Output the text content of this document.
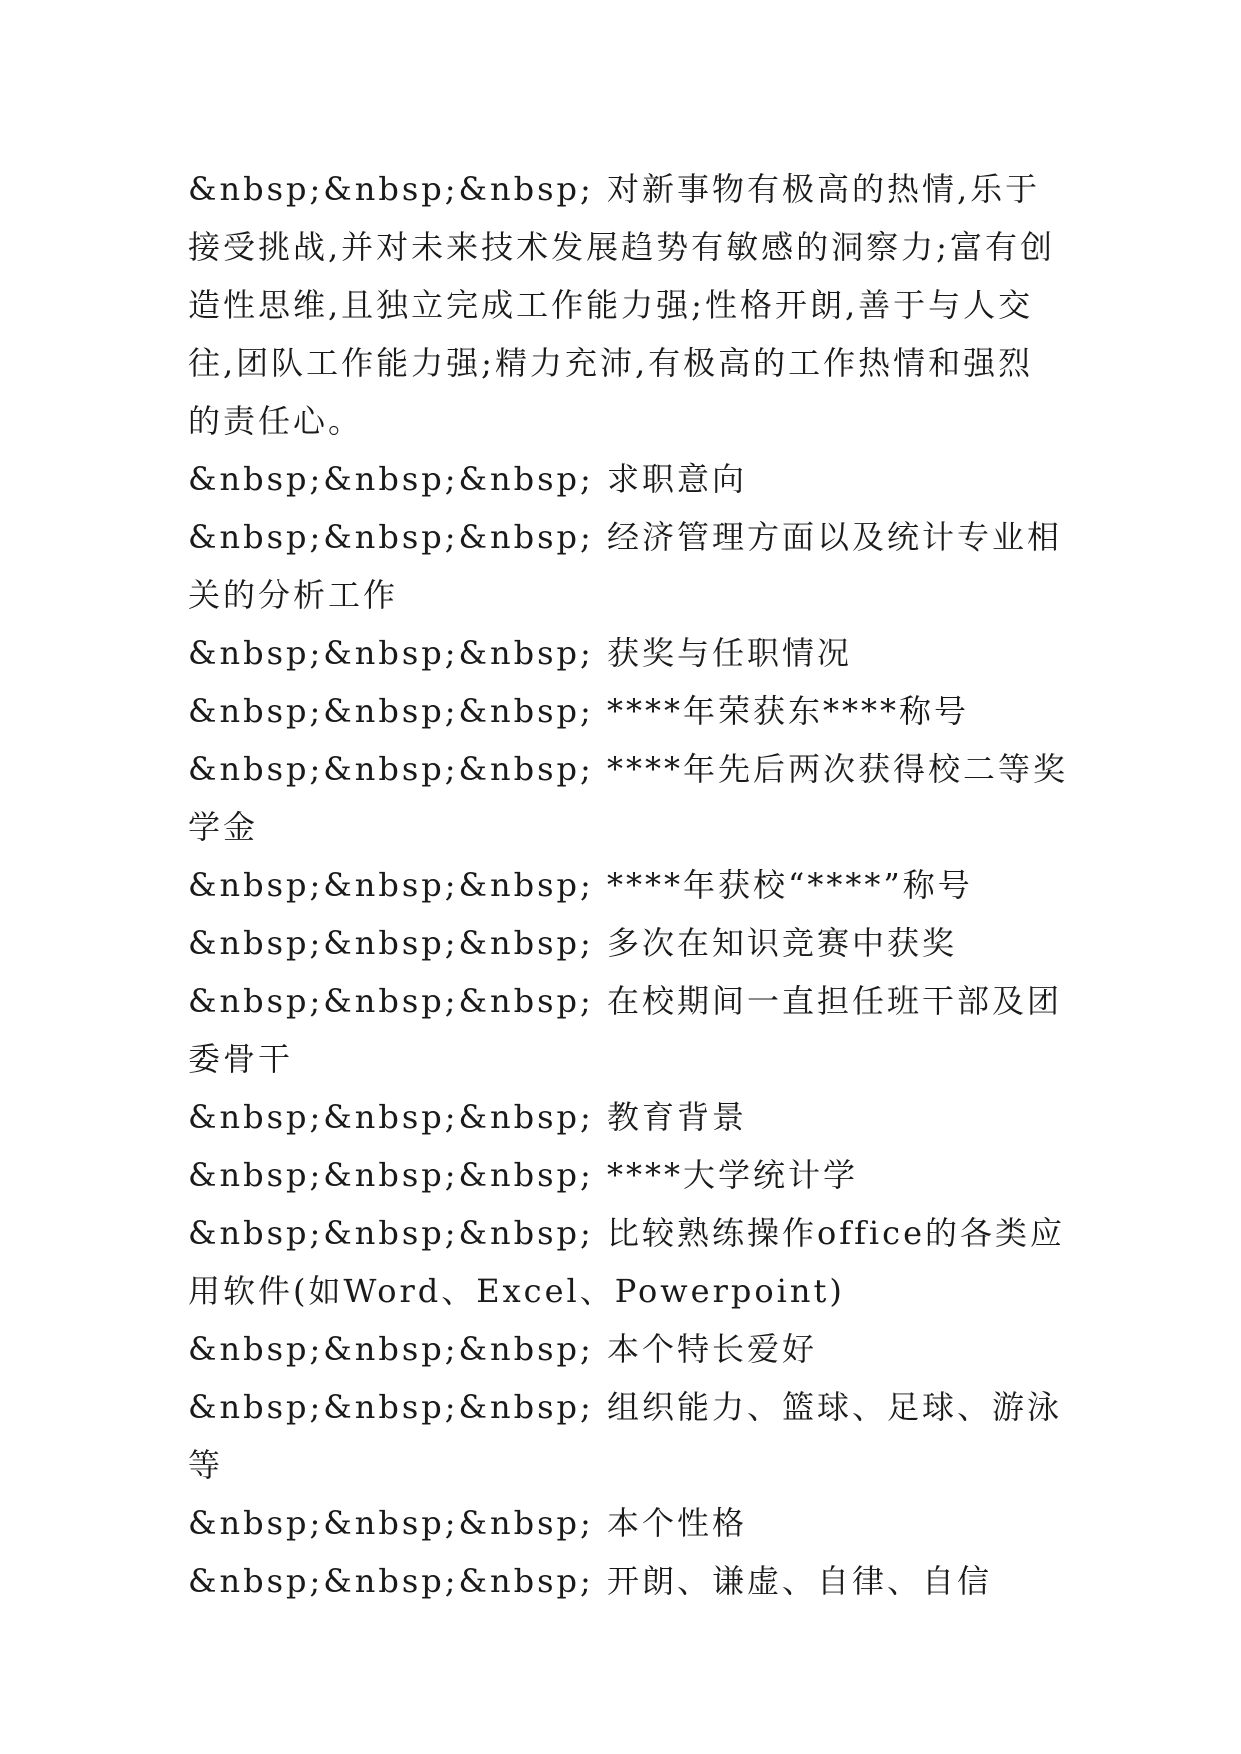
&nbsp;&nbsp;&nbsp; 对新事物有极高的热情,乐于接受挑战,并对未来技术发展趋势有敏感的洞察力;富有创造性思维,且独立完成工作能力强;性格开朗,善于与人交往,团队工作能力强;精力充沛,有极高的工作热情和强烈的责任心。

&nbsp;&nbsp;&nbsp; 求职意向

&nbsp;&nbsp;&nbsp; 经济管理方面以及统计专业相关的分析工作

&nbsp;&nbsp;&nbsp; 获奖与任职情况

&nbsp;&nbsp;&nbsp; ****年荣获东****称号

&nbsp;&nbsp;&nbsp; ****年先后两次获得校二等奖学金

&nbsp;&nbsp;&nbsp; ****年获校“****”称号

&nbsp;&nbsp;&nbsp; 多次在知识竞赛中获奖

&nbsp;&nbsp;&nbsp; 在校期间一直担任班干部及团委骨干

&nbsp;&nbsp;&nbsp; 教育背景

&nbsp;&nbsp;&nbsp; ****大学统计学

&nbsp;&nbsp;&nbsp; 比较熟练操作office的各类应用软件(如Word、Excel、Powerpoint)

&nbsp;&nbsp;&nbsp; 本个特长爱好

&nbsp;&nbsp;&nbsp; 组织能力、篮球、足球、游泳等

&nbsp;&nbsp;&nbsp; 本个性格

&nbsp;&nbsp;&nbsp; 开朗、谦虚、自律、自信
